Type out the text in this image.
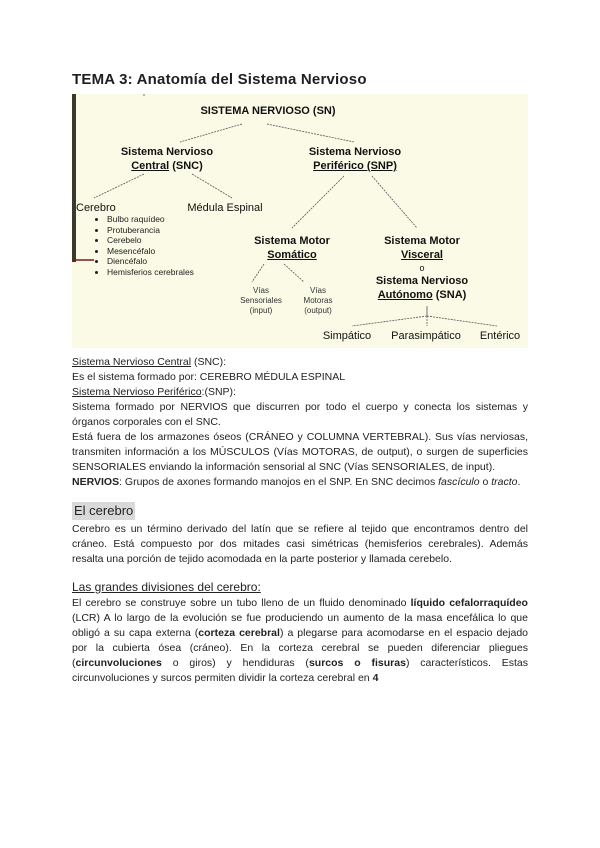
TEMA 3: Anatomía del Sistema Nervioso
SISTEMA NERVIOSO (SN)
Sistema Nervioso
Central (SNC)
Sistema Nervioso
Periférico (SNP)
Cerebro	Médula Espinal
• Bulbo raquídeo
• Protuberancia
• Cerebelo
• Mesencéfalo
• Diencéfalo
• Hemisferios cerebrales
Sistema Motor
Somático
Sistema Motor
Visceral
o
Sistema Nervioso
Autónomo (SNA)
Vías
Sensoriales
(input)
Vías
Motoras
(output)
Simpático	Parasimpático	Entérico

Sistema Nervioso Central (SNC):

Es el sistema formado por: CEREBRO MÉDULA ESPINAL

Sistema Nervioso Periférico:(SNP):

Sistema formado por NERVIOS que discurren por todo el cuerpo y conecta los sistemas y órganos corporales con el SNC.

Está fuera de los armazones óseos (CRÁNEO y COLUMNA VERTEBRAL). Sus vías nerviosas, transmiten información a los MÚSCULOS (Vías MOTORAS, de output), o surgen de superficies SENSORIALES enviando la información sensorial al SNC (Vías SENSORIALES, de input).

NERVIOS: Grupos de axones formando manojos en el SNP. En SNC decimos fascículo o tracto.

El cerebro

Cerebro es un término derivado del latín que se refiere al tejido que encontramos dentro del cráneo. Está compuesto por dos mitades casi simétricas (hemisferios cerebrales). Además resalta una porción de tejido acomodada en la parte posterior y llamada cerebelo.

Las grandes divisiones del cerebro:

El cerebro se construye sobre un tubo lleno de un fluido denominado líquido cefalorraquídeo (LCR) A lo largo de la evolución se fue produciendo un aumento de la masa encefálica lo que obligó a su capa externa (corteza cerebral) a plegarse para acomodarse en el espacio dejado por la cubierta ósea (cráneo). En la corteza cerebral se pueden diferenciar pliegues (circunvoluciones o giros) y hendiduras (surcos o fisuras) característicos. Estas circunvoluciones y surcos permiten dividir la corteza cerebral en 4
